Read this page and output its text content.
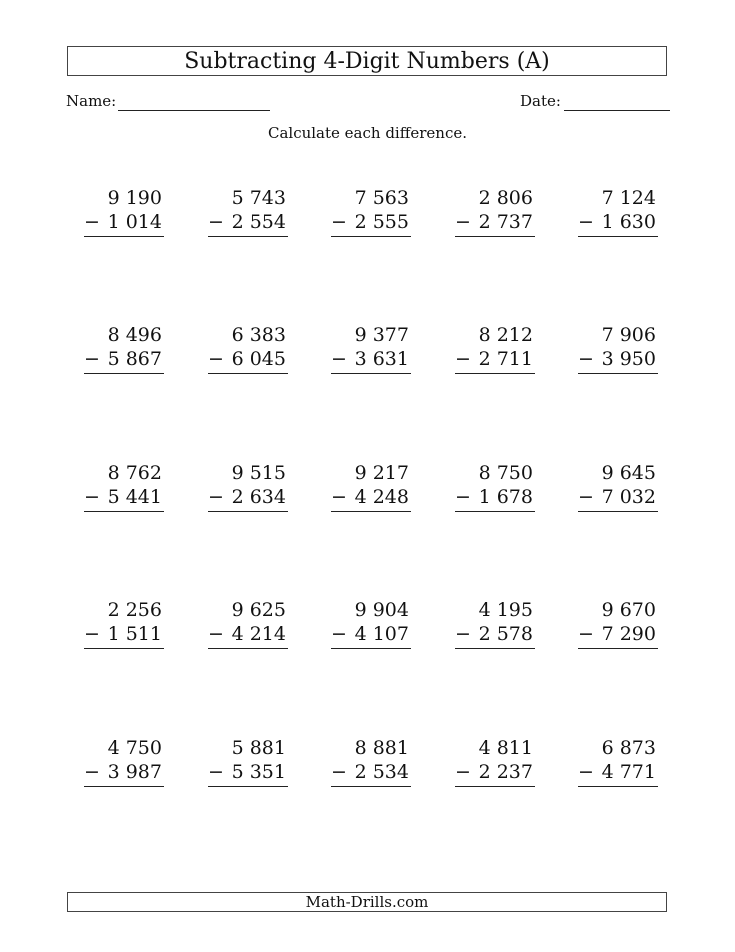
Subtracting 4-Digit Numbers (A)
Name:	Date:
Calculate each difference.
9 190
− 1 014
5 743
− 2 554
7 563
− 2 555
2 806
− 2 737
7 124
− 1 630
8 496
− 5 867
6 383
− 6 045
9 377
− 3 631
8 212
− 2 711
7 906
− 3 950
8 762
− 5 441
9 515
− 2 634
9 217
− 4 248
8 750
− 1 678
9 645
− 7 032
2 256
− 1 511
9 625
− 4 214
9 904
− 4 107
4 195
− 2 578
9 670
− 7 290
4 750
− 3 987
5 881
− 5 351
8 881
− 2 534
4 811
− 2 237
6 873
− 4 771
Math-Drills.com
